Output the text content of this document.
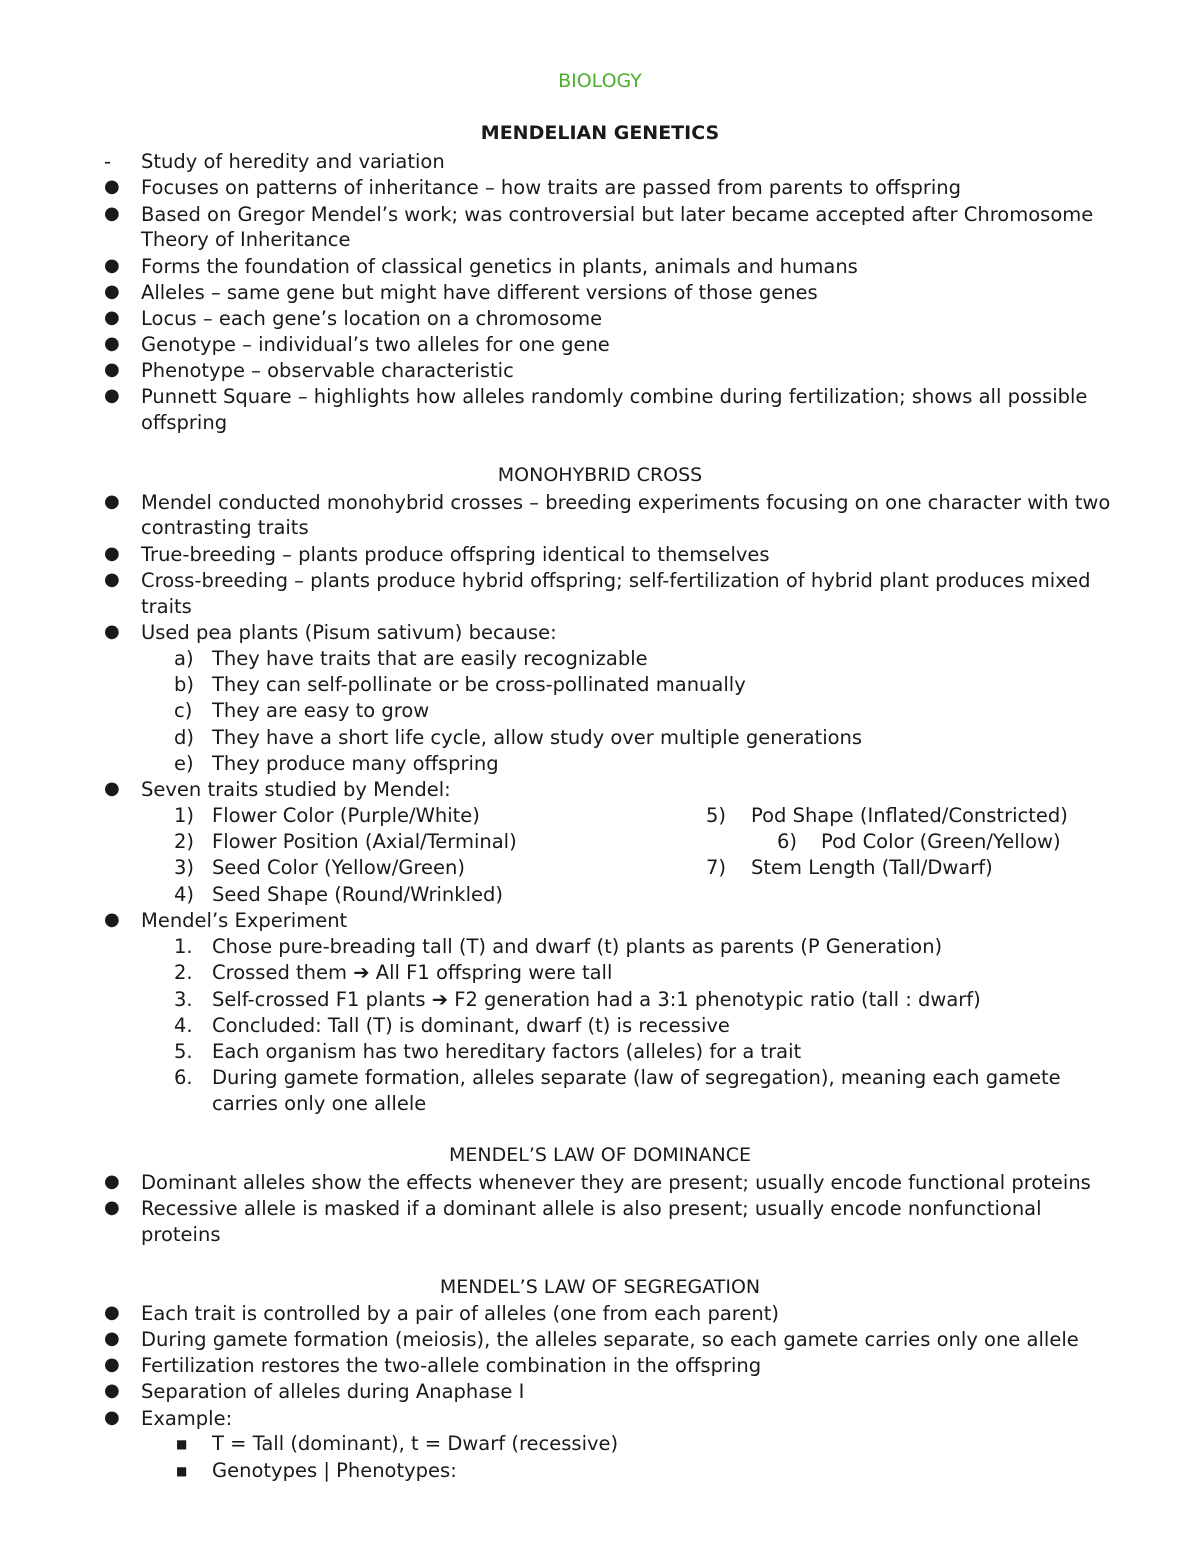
BIOLOGY
MENDELIAN GENETICS
- Study of heredity and variation
● Focuses on patterns of inheritance – how traits are passed from parents to offspring
● Based on Gregor Mendel’s work; was controversial but later became accepted after Chromosome
Theory of Inheritance
● Forms the foundation of classical genetics in plants, animals and humans
● Alleles – same gene but might have different versions of those genes
● Locus – each gene’s location on a chromosome
● Genotype – individual’s two alleles for one gene
● Phenotype – observable characteristic
● Punnett Square – highlights how alleles randomly combine during fertilization; shows all possible
offspring
MONOHYBRID CROSS
● Mendel conducted monohybrid crosses – breeding experiments focusing on one character with two
contrasting traits
● True-breeding – plants produce offspring identical to themselves
● Cross-breeding – plants produce hybrid offspring; self-fertilization of hybrid plant produces mixed
traits
● Used pea plants (Pisum sativum) because:
a) They have traits that are easily recognizable
b) They can self-pollinate or be cross-pollinated manually
c) They are easy to grow
d) They have a short life cycle, allow study over multiple generations
e) They produce many offspring
● Seven traits studied by Mendel:
1) Flower Color (Purple/White)
2) Flower Position (Axial/Terminal)
3) Seed Color (Yellow/Green)
4) Seed Shape (Round/Wrinkled)
5) Pod Shape (Inflated/Constricted)
6) Pod Color (Green/Yellow)
7) Stem Length (Tall/Dwarf)
● Mendel’s Experiment
1. Chose pure-breading tall (T) and dwarf (t) plants as parents (P Generation)
2. Crossed them ➔ All F1 offspring were tall
3. Self-crossed F1 plants ➔ F2 generation had a 3:1 phenotypic ratio (tall : dwarf)
4. Concluded: Tall (T) is dominant, dwarf (t) is recessive
5. Each organism has two hereditary factors (alleles) for a trait
6. During gamete formation, alleles separate (law of segregation), meaning each gamete
carries only one allele
MENDEL’S LAW OF DOMINANCE
● Dominant alleles show the effects whenever they are present; usually encode functional proteins
● Recessive allele is masked if a dominant allele is also present; usually encode nonfunctional
proteins
MENDEL’S LAW OF SEGREGATION
● Each trait is controlled by a pair of alleles (one from each parent)
● During gamete formation (meiosis), the alleles separate, so each gamete carries only one allele
● Fertilization restores the two-allele combination in the offspring
● Separation of alleles during Anaphase I
● Example:
■ T = Tall (dominant), t = Dwarf (recessive)
■ Genotypes | Phenotypes:
